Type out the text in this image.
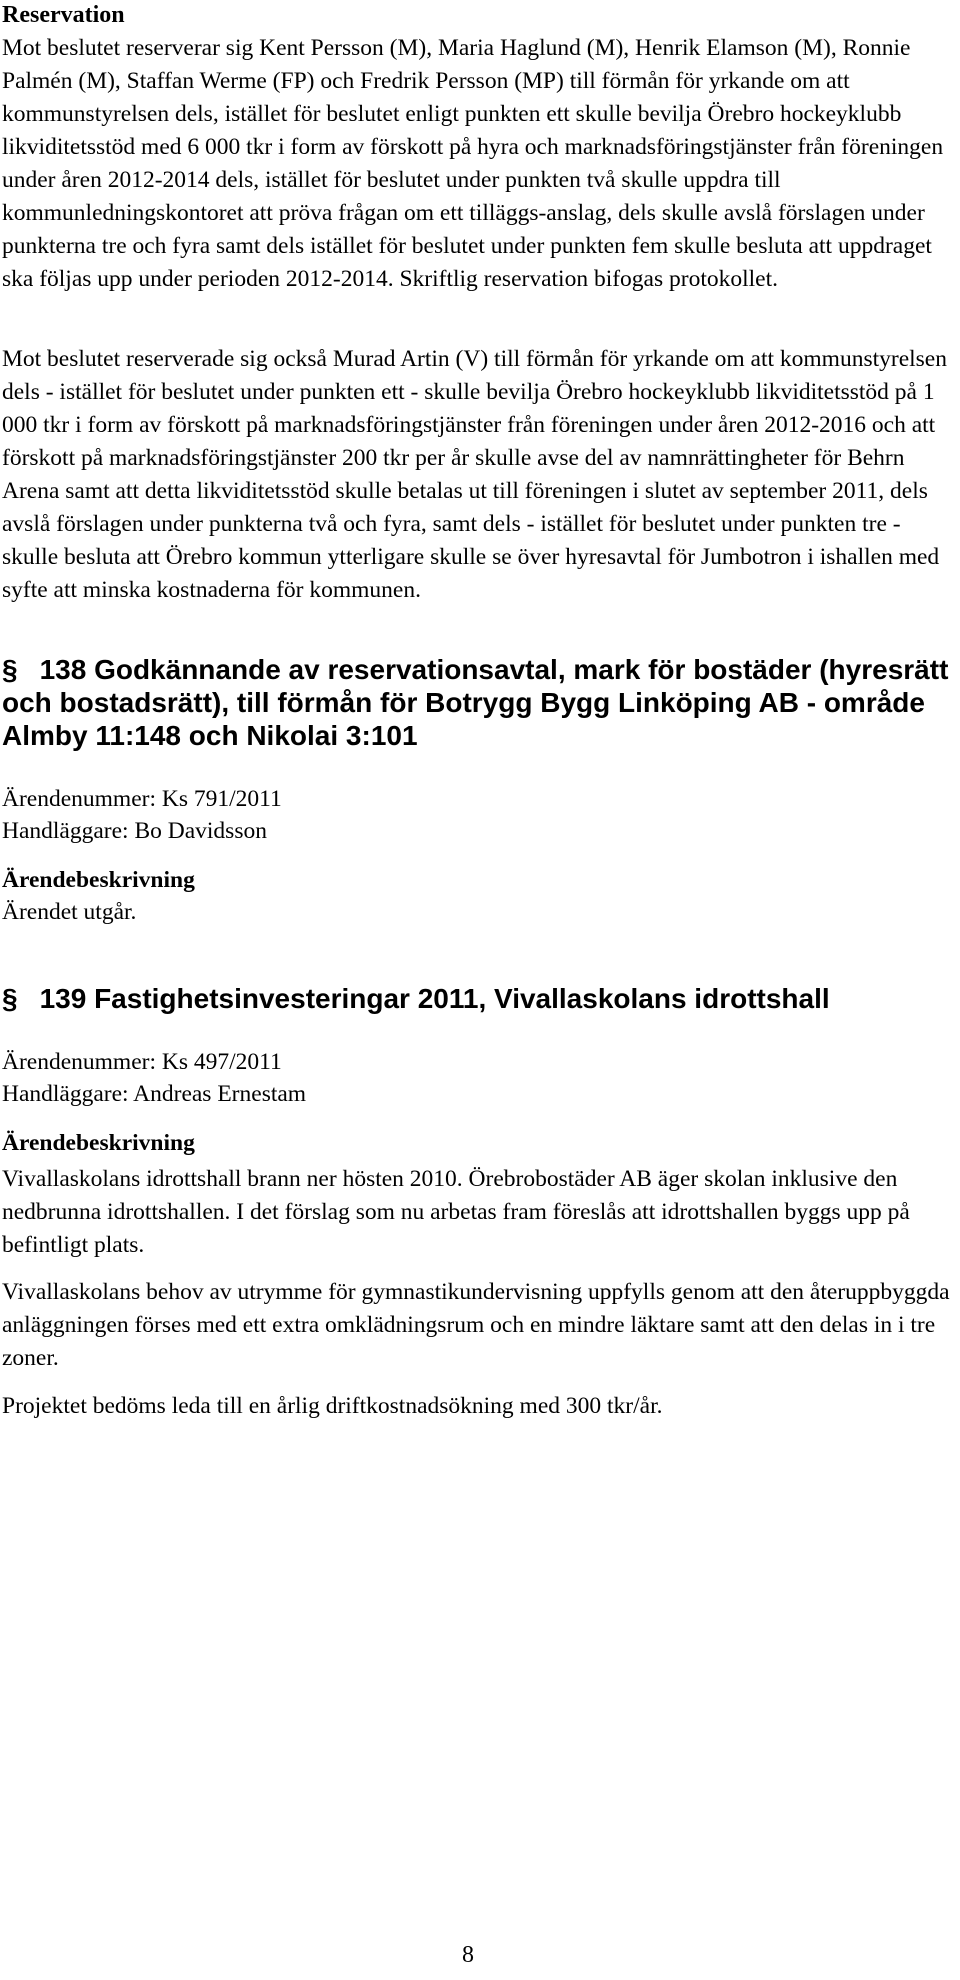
Reservation

Mot beslutet reserverar sig Kent Persson (M), Maria Haglund (M), Henrik Elamson (M), Ronnie Palmén (M), Staffan Werme (FP) och Fredrik Persson (MP) till förmån för yrkande om att kommunstyrelsen dels, istället för beslutet enligt punkten ett skulle bevilja Örebro hockeyklubb likviditetsstöd med 6 000 tkr i form av förskott på hyra och marknadsföringstjänster från föreningen under åren 2012-2014 dels, istället för beslutet under punkten två skulle uppdra till kommunledningskontoret att pröva frågan om ett tilläggs-anslag, dels skulle avslå förslagen under punkterna tre och fyra samt dels istället för beslutet under punkten fem skulle besluta att uppdraget ska följas upp under perioden 2012-2014. Skriftlig reservation bifogas protokollet.

Mot beslutet reserverade sig också Murad Artin (V) till förmån för yrkande om att kommunstyrelsen dels - istället för beslutet under punkten ett - skulle bevilja Örebro hockeyklubb likviditetsstöd på 1 000 tkr i form av förskott på marknadsföringstjänster från föreningen under åren 2012-2016 och att förskott på marknadsföringstjänster 200 tkr per år skulle avse del av namnrättingheter för Behrn Arena samt att detta likviditetsstöd skulle betalas ut till föreningen i slutet av september 2011, dels avslå förslagen under punkterna två och fyra, samt dels - istället för beslutet under punkten tre - skulle besluta att Örebro kommun ytterligare skulle se över hyresavtal för Jumbotron i ishallen med syfte att minska kostnaderna för kommunen.

§ 138 Godkännande av reservationsavtal, mark för bostäder (hyresrätt och bostadsrätt), till förmån för Botrygg Bygg Linköping AB - område Almby 11:148 och Nikolai 3:101
Ärendenummer: Ks 791/2011
Handläggare: Bo Davidsson
Ärendebeskrivning
Ärendet utgår.
§ 139 Fastighetsinvesteringar 2011, Vivallaskolans idrottshall
Ärendenummer: Ks 497/2011
Handläggare: Andreas Ernestam
Ärendebeskrivning

Vivallaskolans idrottshall brann ner hösten 2010. Örebrobostäder AB äger skolan inklusive den nedbrunna idrottshallen. I det förslag som nu arbetas fram föreslås att idrottshallen byggs upp på befintligt plats.

Vivallaskolans behov av utrymme för gymnastikundervisning uppfylls genom att den återuppbyggda anläggningen förses med ett extra omklädningsrum och en mindre läktare samt att den delas in i tre zoner.

Projektet bedöms leda till en årlig driftkostnadsökning med 300 tkr/år.

8
